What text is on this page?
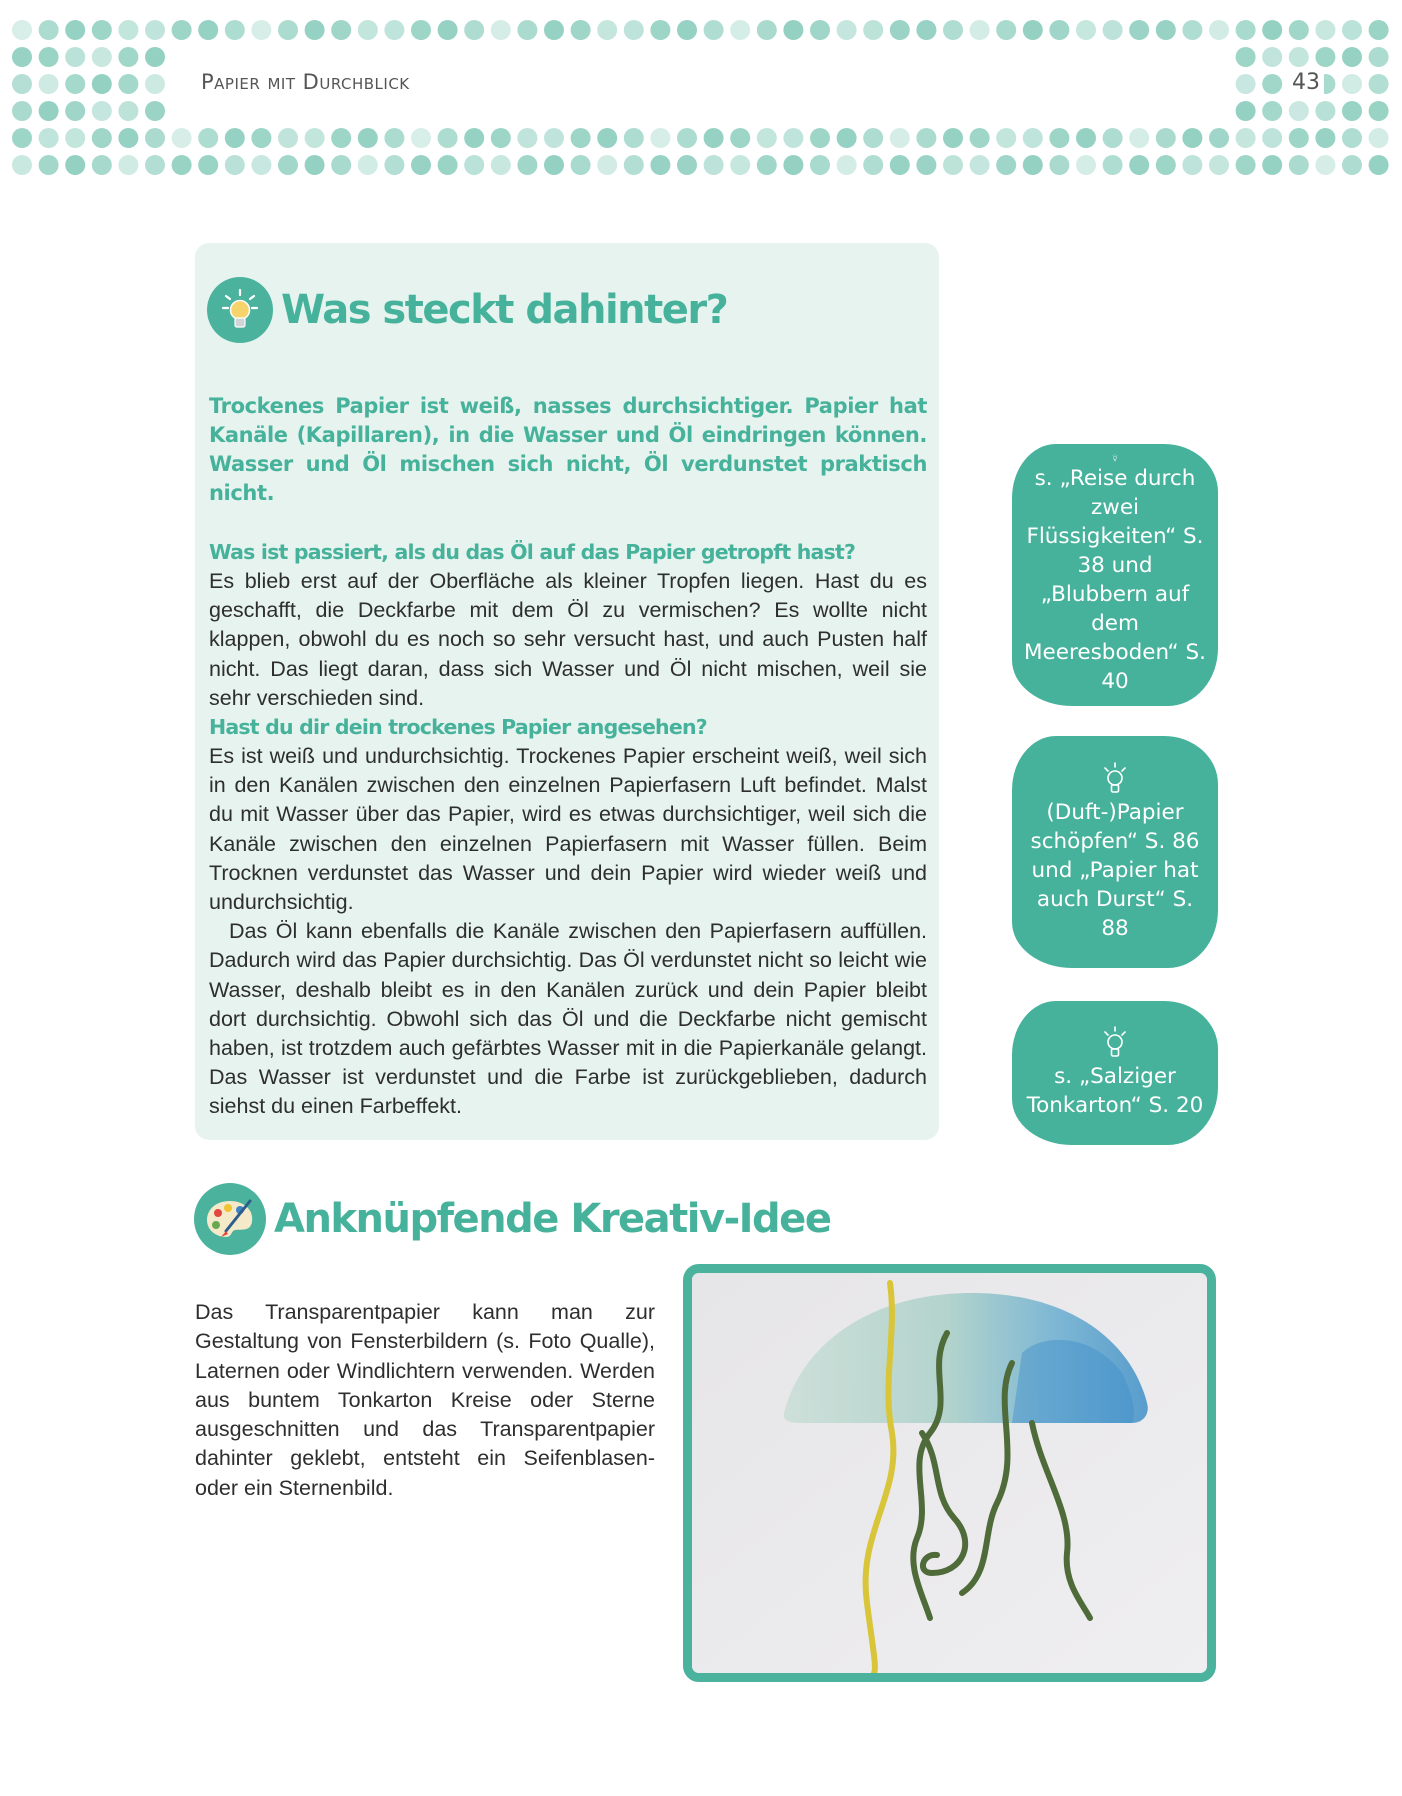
Papier mit Durchblick	43
Was steckt dahinter?

Trockenes Papier ist weiß, nasses durchsichtiger. Papier hat Kanäle (Kapillaren), in die Wasser und Öl eindringen können. Wasser und Öl mischen sich nicht, Öl verdunstet praktisch nicht.

Was ist passiert, als du das Öl auf das Papier getropft hast?

Es blieb erst auf der Oberfläche als kleiner Tropfen liegen. Hast du es geschafft, die Deckfarbe mit dem Öl zu vermischen? Es wollte nicht klappen, obwohl du es noch so sehr versucht hast, und auch Pusten half nicht. Das liegt daran, dass sich Wasser und Öl nicht mischen, weil sie sehr verschieden sind.

Hast du dir dein trockenes Papier angesehen?

Es ist weiß und undurchsichtig. Trockenes Papier erscheint weiß, weil sich in den Kanälen zwischen den einzelnen Papierfasern Luft befindet. Malst du mit Wasser über das Papier, wird es etwas durchsichtiger, weil sich die Kanäle zwischen den einzelnen Papierfasern mit Wasser füllen. Beim Trocknen verdunstet das Wasser und dein Papier wird wieder weiß und undurchsichtig.

Das Öl kann ebenfalls die Kanäle zwischen den Papierfasern auffüllen. Dadurch wird das Papier durchsichtig. Das Öl verdunstet nicht so leicht wie Wasser, deshalb bleibt es in den Kanälen zurück und dein Papier bleibt dort durchsichtig. Obwohl sich das Öl und die Deckfarbe nicht gemischt haben, ist trotzdem auch gefärbtes Wasser mit in die Papierkanäle gelangt. Das Wasser ist verdunstet und die Farbe ist zurückgeblieben, dadurch siehst du einen Farbeffekt.

s. „Reise durch zwei Flüssigkeiten“ S. 38 und „Blubbern auf dem Meeresboden“ S. 40
(Duft-)Papier schöpfen“ S. 86 und „Papier hat auch Durst“ S. 88
s. „Salziger Tonkarton“ S. 20
Anknüpfende Kreativ-Idee

Das Transparentpapier kann man zur Gestaltung von Fensterbildern (s. Foto Qualle), Laternen oder Windlichtern verwenden. Werden aus buntem Tonkarton Kreise oder Sterne ausgeschnitten und das Transparentpapier dahinter geklebt, entsteht ein Seifenblasen- oder ein Sternenbild.
